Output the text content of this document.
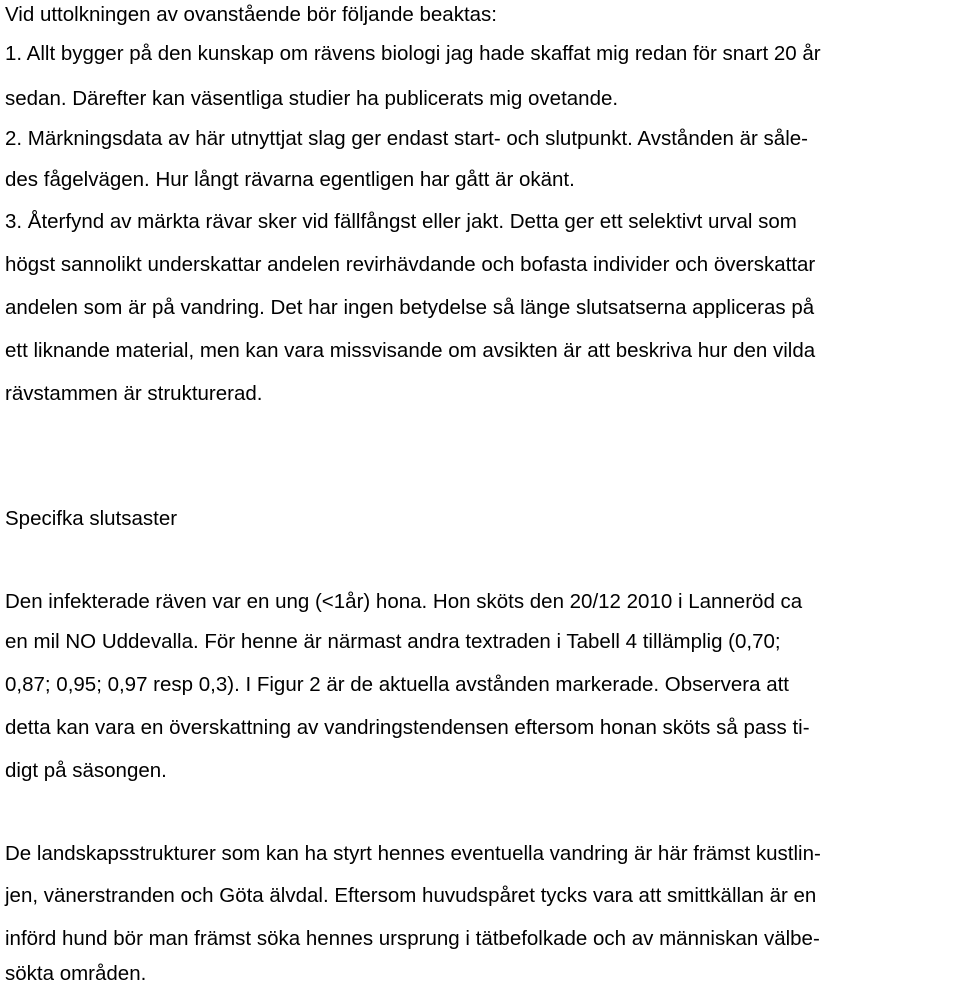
Vid uttolkningen av ovanstående bör följande beaktas:
1. Allt bygger på den kunskap om rävens biologi jag hade skaffat mig redan för snart 20 år
sedan. Därefter kan väsentliga studier ha publicerats mig ovetande.
2. Märkningsdata av här utnyttjat slag ger endast start- och slutpunkt. Avstånden är såle-
des fågelvägen. Hur långt rävarna egentligen har gått är okänt.
3. Återfynd av märkta rävar sker vid fällfångst eller jakt. Detta ger ett selektivt urval som
högst sannolikt underskattar andelen revirhävdande och bofasta individer och överskattar
andelen som är på vandring. Det har ingen betydelse så länge slutsatserna appliceras på
ett liknande material, men kan vara missvisande om avsikten är att beskriva hur den vilda
rävstammen är strukturerad.
Specifka slutsaster
Den infekterade räven var en ung (<1år) hona. Hon sköts den 20/12 2010 i Lanneröd ca
en mil NO Uddevalla. För henne är närmast andra textraden i Tabell 4 tillämplig (0,70;
0,87; 0,95; 0,97 resp 0,3). I Figur 2 är de aktuella avstånden markerade. Observera att
detta kan vara en överskattning av vandringstendensen eftersom honan sköts så pass ti-
digt på säsongen.
De landskapsstrukturer som kan ha styrt hennes eventuella vandring är här främst kustlin-
jen, vänerstranden och Göta älvdal. Eftersom huvudspåret tycks vara att smittkällan är en
införd hund bör man främst söka hennes ursprung i tätbefolkade och av människan välbe-
sökta områden.
